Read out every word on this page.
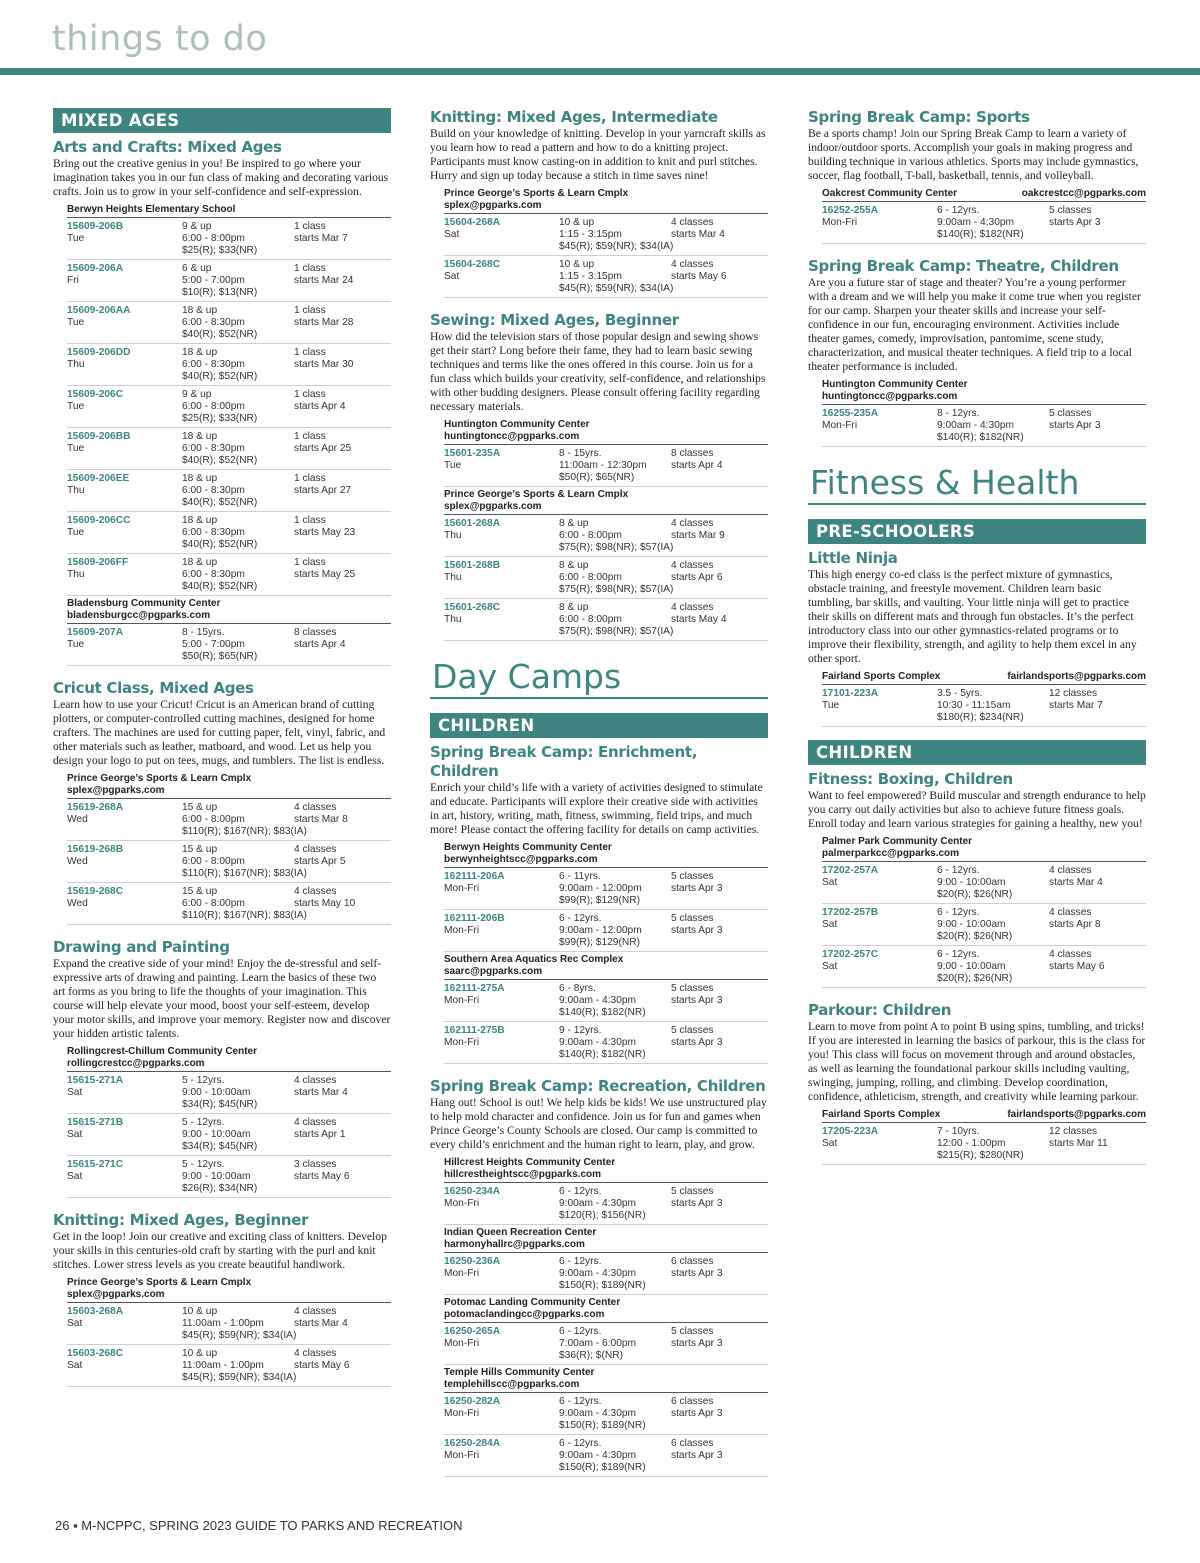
things to do
MIXED AGES
Arts and Crafts: Mixed Ages

Bring out the creative genius in you! Be inspired to go where your imagination takes you in our fun class of making and decorating various crafts. Join us to grow in your self-confidence and self-expression.

Berwyn Heights Elementary School
15609-206B	9 & up	1 class
Tue	6:00 - 8:00pm	starts Mar 7
$25(R); $33(NR)
15609-206A	6 & up	1 class
Fri	5:00 - 7:00pm	starts Mar 24
$10(R); $13(NR)
15609-206AA	18 & up	1 class
Tue	6:00 - 8:30pm	starts Mar 28
$40(R); $52(NR)
15609-206DD	18 & up	1 class
Thu	6:00 - 8:30pm	starts Mar 30
$40(R); $52(NR)
15609-206C	9 & up	1 class
Tue	6:00 - 8:00pm	starts Apr 4
$25(R); $33(NR)
15609-206BB	18 & up	1 class
Tue	6:00 - 8:30pm	starts Apr 25
$40(R); $52(NR)
15609-206EE	18 & up	1 class
Thu	6:00 - 8:30pm	starts Apr 27
$40(R); $52(NR)
15609-206CC	18 & up	1 class
Tue	6:00 - 8:30pm	starts May 23
$40(R); $52(NR)
15609-206FF	18 & up	1 class
Thu	6:00 - 8:30pm	starts May 25
$40(R); $52(NR)
Bladensburg Community Center
bladensburgcc@pgparks.com
15609-207A	8 - 15yrs.	8 classes
Tue	5:00 - 7:00pm	starts Apr 4
$50(R); $65(NR)
Cricut Class, Mixed Ages

Learn how to use your Cricut! Cricut is an American brand of cutting plotters, or computer-controlled cutting machines, designed for home crafters. The machines are used for cutting paper, felt, vinyl, fabric, and other materials such as leather, matboard, and wood. Let us help you design your logo to put on tees, mugs, and tumblers. The list is endless.

Prince George’s Sports & Learn Cmplx
splex@pgparks.com
15619-268A	15 & up	4 classes
Wed	6:00 - 8:00pm	starts Mar 8
$110(R); $167(NR); $83(IA)
15619-268B	15 & up	4 classes
Wed	6:00 - 8:00pm	starts Apr 5
$110(R); $167(NR); $83(IA)
15619-268C	15 & up	4 classes
Wed	6:00 - 8:00pm	starts May 10
$110(R); $167(NR); $83(IA)
Drawing and Painting

Expand the creative side of your mind! Enjoy the de-stressful and self-expressive arts of drawing and painting. Learn the basics of these two art forms as you bring to life the thoughts of your imagination. This course will help elevate your mood, boost your self-esteem, develop your motor skills, and improve your memory. Register now and discover your hidden artistic talents.

Rollingcrest-Chillum Community Center
rollingcrestcc@pgparks.com
15615-271A	5 - 12yrs.	4 classes
Sat	9:00 - 10:00am	starts Mar 4
$34(R); $45(NR)
15615-271B	5 - 12yrs.	4 classes
Sat	9:00 - 10:00am	starts Apr 1
$34(R); $45(NR)
15615-271C	5 - 12yrs.	3 classes
Sat	9:00 - 10:00am	starts May 6
$26(R); $34(NR)
Knitting: Mixed Ages, Beginner

Get in the loop! Join our creative and exciting class of knitters. Develop your skills in this centuries-old craft by starting with the purl and knit stitches. Lower stress levels as you create beautiful handiwork.

Prince George’s Sports & Learn Cmplx
splex@pgparks.com
15603-268A	10 & up	4 classes
Sat	11:00am - 1:00pm	starts Mar 4
$45(R); $59(NR); $34(IA)
15603-268C	10 & up	4 classes
Sat	11:00am - 1:00pm	starts May 6
$45(R); $59(NR); $34(IA)
Knitting: Mixed Ages, Intermediate

Build on your knowledge of knitting. Develop in your yarncraft skills as you learn how to read a pattern and how to do a knitting project. Participants must know casting-on in addition to knit and purl stitches. Hurry and sign up today because a stitch in time saves nine!

Prince George’s Sports & Learn Cmplx
splex@pgparks.com
15604-268A	10 & up	4 classes
Sat	1:15 - 3:15pm	starts Mar 4
$45(R); $59(NR); $34(IA)
15604-268C	10 & up	4 classes
Sat	1:15 - 3:15pm	starts May 6
$45(R); $59(NR); $34(IA)
Sewing: Mixed Ages, Beginner

How did the television stars of those popular design and sewing shows get their start? Long before their fame, they had to learn basic sewing techniques and terms like the ones offered in this course. Join us for a fun class which builds your creativity, self-confidence, and relationships with other budding designers. Please consult offering facility regarding necessary materials.

Huntington Community Center
huntingtoncc@pgparks.com
15601-235A	8 - 15yrs.	8 classes
Tue	11:00am - 12:30pm	starts Apr 4
$50(R); $65(NR)
Prince George’s Sports & Learn Cmplx
splex@pgparks.com
15601-268A	8 & up	4 classes
Thu	6:00 - 8:00pm	starts Mar 9
$75(R); $98(NR); $57(IA)
15601-268B	8 & up	4 classes
Thu	6:00 - 8:00pm	starts Apr 6
$75(R); $98(NR); $57(IA)
15601-268C	8 & up	4 classes
Thu	6:00 - 8:00pm	starts May 4
$75(R); $98(NR); $57(IA)
Day Camps
CHILDREN
Spring Break Camp: Enrichment, Children

Enrich your child’s life with a variety of activities designed to stimulate and educate. Participants will explore their creative side with activities in art, history, writing, math, fitness, swimming, field trips, and much more! Please contact the offering facility for details on camp activities.

Berwyn Heights Community Center
berwynheightscc@pgparks.com
162111-206A	6 - 11yrs.	5 classes
Mon-Fri	9:00am - 12:00pm	starts Apr 3
$99(R); $129(NR)
162111-206B	6 - 12yrs.	5 classes
Mon-Fri	9:00am - 12:00pm	starts Apr 3
$99(R); $129(NR)
Southern Area Aquatics Rec Complex
saarc@pgparks.com
162111-275A	6 - 8yrs.	5 classes
Mon-Fri	9:00am - 4:30pm	starts Apr 3
$140(R); $182(NR)
162111-275B	9 - 12yrs.	5 classes
Mon-Fri	9:00am - 4:30pm	starts Apr 3
$140(R); $182(NR)
Spring Break Camp: Recreation, Children

Hang out! School is out! We help kids be kids! We use unstructured play to help mold character and confidence. Join us for fun and games when Prince George’s County Schools are closed. Our camp is committed to every child’s enrichment and the human right to learn, play, and grow.

Hillcrest Heights Community Center
hillcrestheightscc@pgparks.com
16250-234A	6 - 12yrs.	5 classes
Mon-Fri	9:00am - 4:30pm	starts Apr 3
$120(R); $156(NR)
Indian Queen Recreation Center
harmonyhallrc@pgparks.com
16250-236A	6 - 12yrs.	6 classes
Mon-Fri	9:00am - 4:30pm	starts Apr 3
$150(R); $189(NR)
Potomac Landing Community Center
potomaclandingcc@pgparks.com
16250-265A	6 - 12yrs.	5 classes
Mon-Fri	7:00am - 6:00pm	starts Apr 3
$36(R); $(NR)
Temple Hills Community Center
templehillscc@pgparks.com
16250-282A	6 - 12yrs.	6 classes
Mon-Fri	9:00am - 4:30pm	starts Apr 3
$150(R); $189(NR)
16250-284A	6 - 12yrs.	6 classes
Mon-Fri	9:00am - 4:30pm	starts Apr 3
$150(R); $189(NR)
Spring Break Camp: Sports

Be a sports champ! Join our Spring Break Camp to learn a variety of indoor/outdoor sports. Accomplish your goals in making progress and building technique in various athletics. Sports may include gymnastics, soccer, flag football, T-ball, basketball, tennis, and volleyball.

Oakcrest Community Center	oakcrestcc@pgparks.com
16252-255A	6 - 12yrs.	5 classes
Mon-Fri	9:00am - 4:30pm	starts Apr 3
$140(R); $182(NR)
Spring Break Camp: Theatre, Children

Are you a future star of stage and theater? You’re a young performer with a dream and we will help you make it come true when you register for our camp. Sharpen your theater skills and increase your self-confidence in our fun, encouraging environment. Activities include theater games, comedy, improvisation, pantomime, scene study, characterization, and musical theater techniques. A field trip to a local theater performance is included.

Huntington Community Center
huntingtoncc@pgparks.com
16255-235A	8 - 12yrs.	5 classes
Mon-Fri	9:00am - 4:30pm	starts Apr 3
$140(R); $182(NR)
Fitness & Health
PRE-SCHOOLERS
Little Ninja

This high energy co-ed class is the perfect mixture of gymnastics, obstacle training, and freestyle movement. Children learn basic tumbling, bar skills, and vaulting. Your little ninja will get to practice their skills on different mats and through fun obstacles. It’s the perfect introductory class into our other gymnastics-related programs or to improve their flexibility, strength, and agility to help them excel in any other sport.

Fairland Sports Complex	fairlandsports@pgparks.com
17101-223A	3.5 - 5yrs.	12 classes
Tue	10:30 - 11:15am	starts Mar 7
$180(R); $234(NR)
CHILDREN
Fitness: Boxing, Children

Want to feel empowered? Build muscular and strength endurance to help you carry out daily activities but also to achieve future fitness goals. Enroll today and learn various strategies for gaining a healthy, new you!

Palmer Park Community Center
palmerparkcc@pgparks.com
17202-257A	6 - 12yrs.	4 classes
Sat	9:00 - 10:00am	starts Mar 4
$20(R); $26(NR)
17202-257B	6 - 12yrs.	4 classes
Sat	9:00 - 10:00am	starts Apr 8
$20(R); $26(NR)
17202-257C	6 - 12yrs.	4 classes
Sat	9:00 - 10:00am	starts May 6
$20(R); $26(NR)
Parkour: Children

Learn to move from point A to point B using spins, tumbling, and tricks! If you are interested in learning the basics of parkour, this is the class for you! This class will focus on movement through and around obstacles, as well as learning the foundational parkour skills including vaulting, swinging, jumping, rolling, and climbing. Develop coordination, confidence, athleticism, strength, and creativity while learning parkour.

Fairland Sports Complex	fairlandsports@pgparks.com
17205-223A	7 - 10yrs.	12 classes
Sat	12:00 - 1:00pm	starts Mar 11
$215(R); $280(NR)
26 ▪ M-NCPPC, SPRING 2023 GUIDE TO PARKS AND RECREATION
